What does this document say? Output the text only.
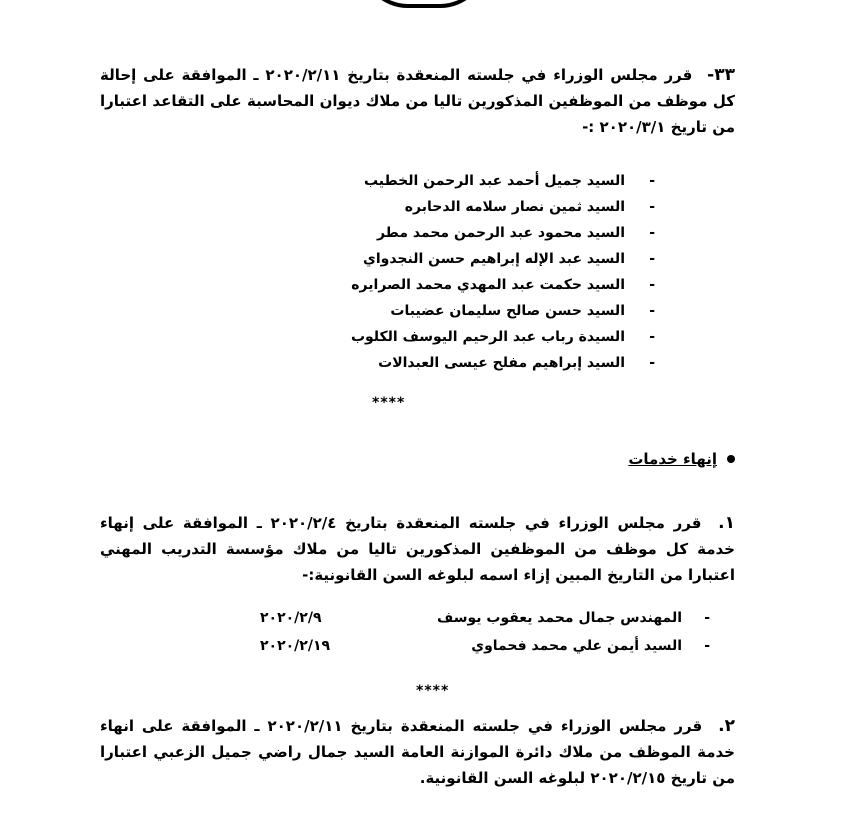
٣٣- قرر مجلس الوزراء في جلسته المنعقدة بتاريخ ٢٠٢٠/٢/١١ ـ الموافقة على إحالة كل موظف من الموظفين المذكورين تاليا من ملاك ديوان المحاسبة على التقاعد اعتبارا من تاريخ ٢٠٢٠/٣/١ :-
-السيد جميل أحمد عبد الرحمن الخطيب
-السيد ثمين نصار سلامه الدحابره
-السيد محمود عبد الرحمن محمد مطر
-السيد عبد الإله إبراهيم حسن النجدواي
-السيد حكمت عبد المهدي محمد الصرايره
-السيد حسن صالح سليمان عضيبات
-السيدة رباب عبد الرحيم اليوسف الكلوب
-السيد إبراهيم مفلح عيسى العبدالات
****
إنهاء خدمات
١. قرر مجلس الوزراء في جلسته المنعقدة بتاريخ ٢٠٢٠/٢/٤ ـ الموافقة على إنهاء خدمة كل موظف من الموظفين المذكورين تاليا من ملاك مؤسسة التدريب المهني اعتبارا من التاريخ المبين إزاء اسمه لبلوغه السن القانونية:-
-المهندس جمال محمد يعقوب يوسف
٢٠٢٠/٢/٩
-السيد أيمن علي محمد فحماوي
٢٠٢٠/٢/١٩
****
٢. قرر مجلس الوزراء في جلسته المنعقدة بتاريخ ٢٠٢٠/٢/١١ ـ الموافقة على انهاء خدمة الموظف من ملاك دائرة الموازنة العامة السيد جمال راضي جميل الزعبي اعتبارا من تاريخ ٢٠٢٠/٢/١٥ لبلوغه السن القانونية.
